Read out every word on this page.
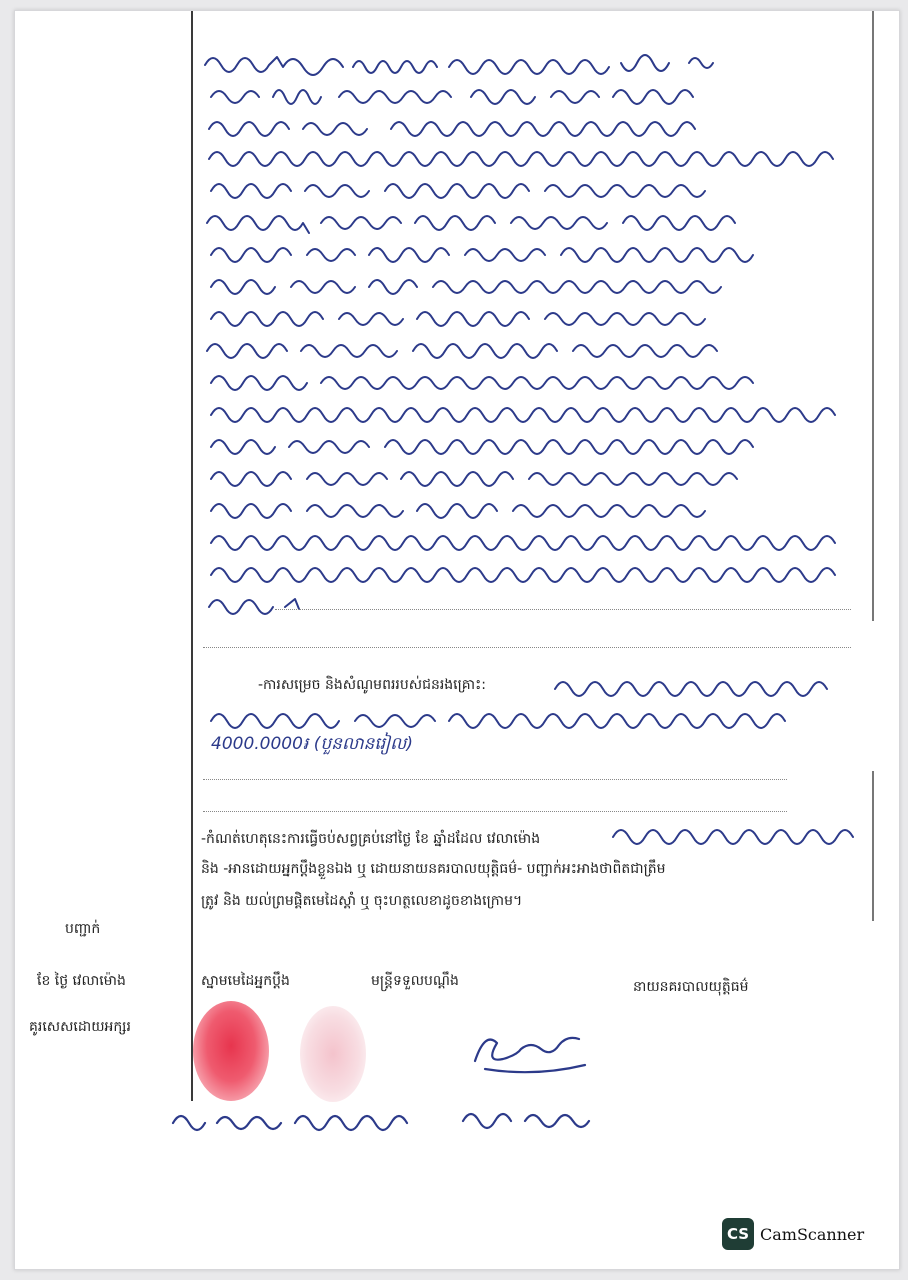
-ការសម្រេច និងសំណូមពររបស់ជនរងគ្រោះ:
4000.0000៛ (បួនលានរៀល)
-កំណត់ហេតុនេះការធ្វើចប់សព្វគ្រប់នៅថ្ងៃ ខែ ឆ្នាំដដែល វេលាម៉ោង
និង -អានដោយអ្នកប្តឹងខ្លួនឯង ឬ ដោយនាយនគរបាលយុត្តិធម៌- បញ្ជាក់អះអាងថាពិតជាត្រឹម
ត្រូវ និង យល់ព្រមផ្តិតមេដៃស្តាំ ឬ ចុះហត្ថលេខាដូចខាងក្រោម។
បញ្ជាក់
ខែ ថ្ងៃ វេលាម៉ោង
គូរសេសដោយអក្សរ
ស្នាមមេដៃអ្នកប្តឹង	មន្ត្រីទទួលបណ្តឹង	នាយនគរបាលយុត្តិធម៌
CS CamScanner
